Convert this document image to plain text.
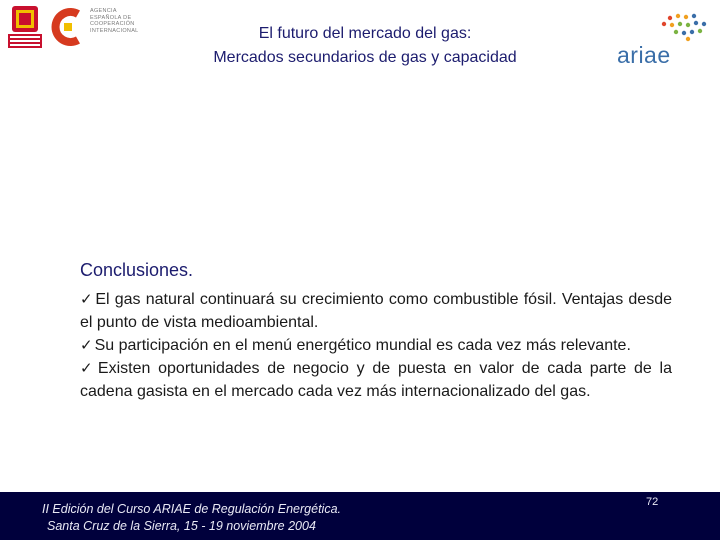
AGENCIA
ESPAÑOLA DE
COOPERACIÓN
INTERNACIONAL	El futuro del mercado del gas:
Mercados secundarios de gas y capacidad	ariae
Conclusiones.

✓ El gas natural continuará su crecimiento como combustible fósil. Ventajas desde el punto de vista medioambiental.

✓ Su participación en el menú energético mundial es cada vez más relevante.

✓ Existen oportunidades de negocio y de puesta en valor de cada parte de la cadena gasista en el mercado cada vez más internacionalizado del gas.

II Edición del Curso ARIAE de Regulación Energética.
Santa Cruz de la Sierra, 15 - 19 noviembre 2004
72
